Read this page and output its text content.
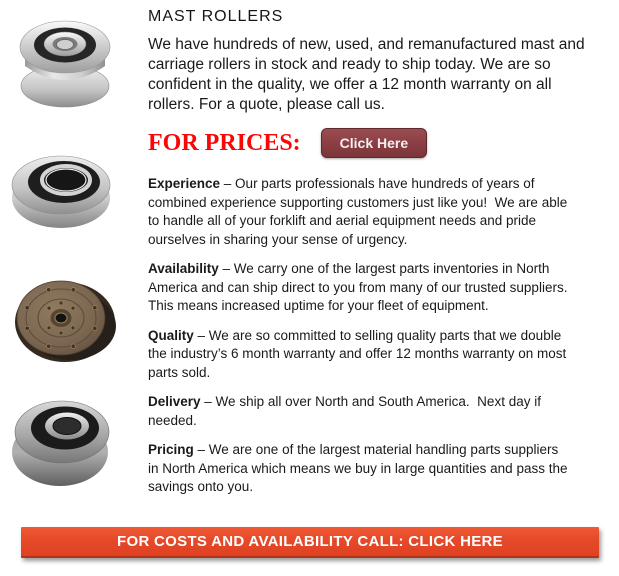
MAST ROLLERS

We have hundreds of new, used, and remanufactured mast and carriage rollers in stock and ready to ship today. We are so confident in the quality, we offer a 12 month warranty on all rollers. For a quote, please call us.

FOR PRICES:	Click Here

Experience – Our parts professionals have hundreds of years of combined experience supporting customers just like you!  We are able to handle all of your forklift and aerial equipment needs and pride ourselves in sharing your sense of urgency.

Availability – We carry one of the largest parts inventories in North America and can ship direct to you from many of our trusted suppliers. This means increased uptime for your fleet of equipment.

Quality – We are so committed to selling quality parts that we double the industry’s 6 month warranty and offer 12 months warranty on most parts sold.

Delivery – We ship all over North and South America.  Next day if needed.

Pricing – We are one of the largest material handling parts suppliers in North America which means we buy in large quantities and pass the savings onto you.

FOR COSTS AND AVAILABILITY CALL: CLICK HERE
